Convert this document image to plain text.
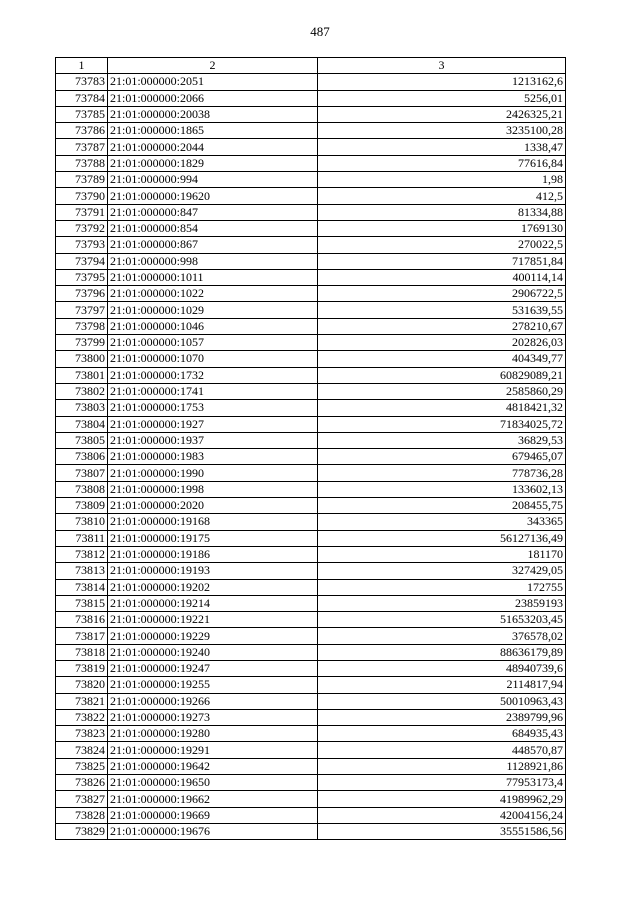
487
1	2	3
73783	21:01:000000:2051	1213162,6
73784	21:01:000000:2066	5256,01
73785	21:01:000000:20038	2426325,21
73786	21:01:000000:1865	3235100,28
73787	21:01:000000:2044	1338,47
73788	21:01:000000:1829	77616,84
73789	21:01:000000:994	1,98
73790	21:01:000000:19620	412,5
73791	21:01:000000:847	81334,88
73792	21:01:000000:854	1769130
73793	21:01:000000:867	270022,5
73794	21:01:000000:998	717851,84
73795	21:01:000000:1011	400114,14
73796	21:01:000000:1022	2906722,5
73797	21:01:000000:1029	531639,55
73798	21:01:000000:1046	278210,67
73799	21:01:000000:1057	202826,03
73800	21:01:000000:1070	404349,77
73801	21:01:000000:1732	60829089,21
73802	21:01:000000:1741	2585860,29
73803	21:01:000000:1753	4818421,32
73804	21:01:000000:1927	71834025,72
73805	21:01:000000:1937	36829,53
73806	21:01:000000:1983	679465,07
73807	21:01:000000:1990	778736,28
73808	21:01:000000:1998	133602,13
73809	21:01:000000:2020	208455,75
73810	21:01:000000:19168	343365
73811	21:01:000000:19175	56127136,49
73812	21:01:000000:19186	181170
73813	21:01:000000:19193	327429,05
73814	21:01:000000:19202	172755
73815	21:01:000000:19214	23859193
73816	21:01:000000:19221	51653203,45
73817	21:01:000000:19229	376578,02
73818	21:01:000000:19240	88636179,89
73819	21:01:000000:19247	48940739,6
73820	21:01:000000:19255	2114817,94
73821	21:01:000000:19266	50010963,43
73822	21:01:000000:19273	2389799,96
73823	21:01:000000:19280	684935,43
73824	21:01:000000:19291	448570,87
73825	21:01:000000:19642	1128921,86
73826	21:01:000000:19650	77953173,4
73827	21:01:000000:19662	41989962,29
73828	21:01:000000:19669	42004156,24
73829	21:01:000000:19676	35551586,56
